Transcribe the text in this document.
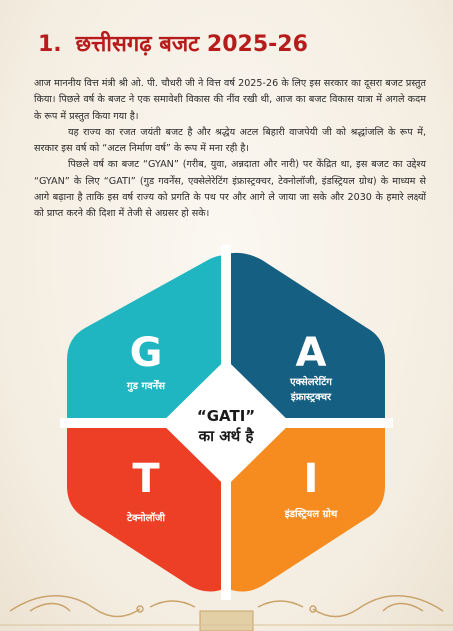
1. छत्तीसगढ़ बजट 2025-26

आज माननीय वित्त मंत्री श्री ओ. पी. चौधरी जी ने वित्त वर्ष 2025-26 के लिए इस सरकार का दूसरा बजट प्रस्तुत किया। पिछले वर्ष के बजट ने एक समावेशी विकास की नींव रखी थी, आज का बजट विकास यात्रा में अगले कदम के रूप में प्रस्तुत किया गया है।

यह राज्य का रजत जयंती बजट है और श्रद्धेय अटल बिहारी वाजपेयी जी को श्रद्धांजलि के रूप में, सरकार इस वर्ष को “अटल निर्माण वर्ष” के रूप में मना रही है।

पिछले वर्ष का बजट “GYAN” (गरीब, युवा, अन्नदाता और नारी) पर केंद्रित था, इस बजट का उद्देश्य “GYAN” के लिए “GATI” (गुड गवर्नेंस, एक्सेलेरेटिंग इंफ्रास्ट्रक्चर, टेक्नोलॉजी, इंडस्ट्रियल ग्रोथ) के माध्यम से आगे बढ़ाना है ताकि इस वर्ष राज्य को प्रगति के पथ पर और आगे ले जाया जा सके और 2030 के हमारे लक्ष्यों को प्राप्त करने की दिशा में तेजी से अग्रसर हो सके।

G
गुड गवर्नेंस
A
एक्सेलरेटिंग
इंफ्रास्ट्रक्चर
T
टेक्नोलॉजी
I
इंडस्ट्रियल ग्रोथ
“GATI”
का अर्थ है
